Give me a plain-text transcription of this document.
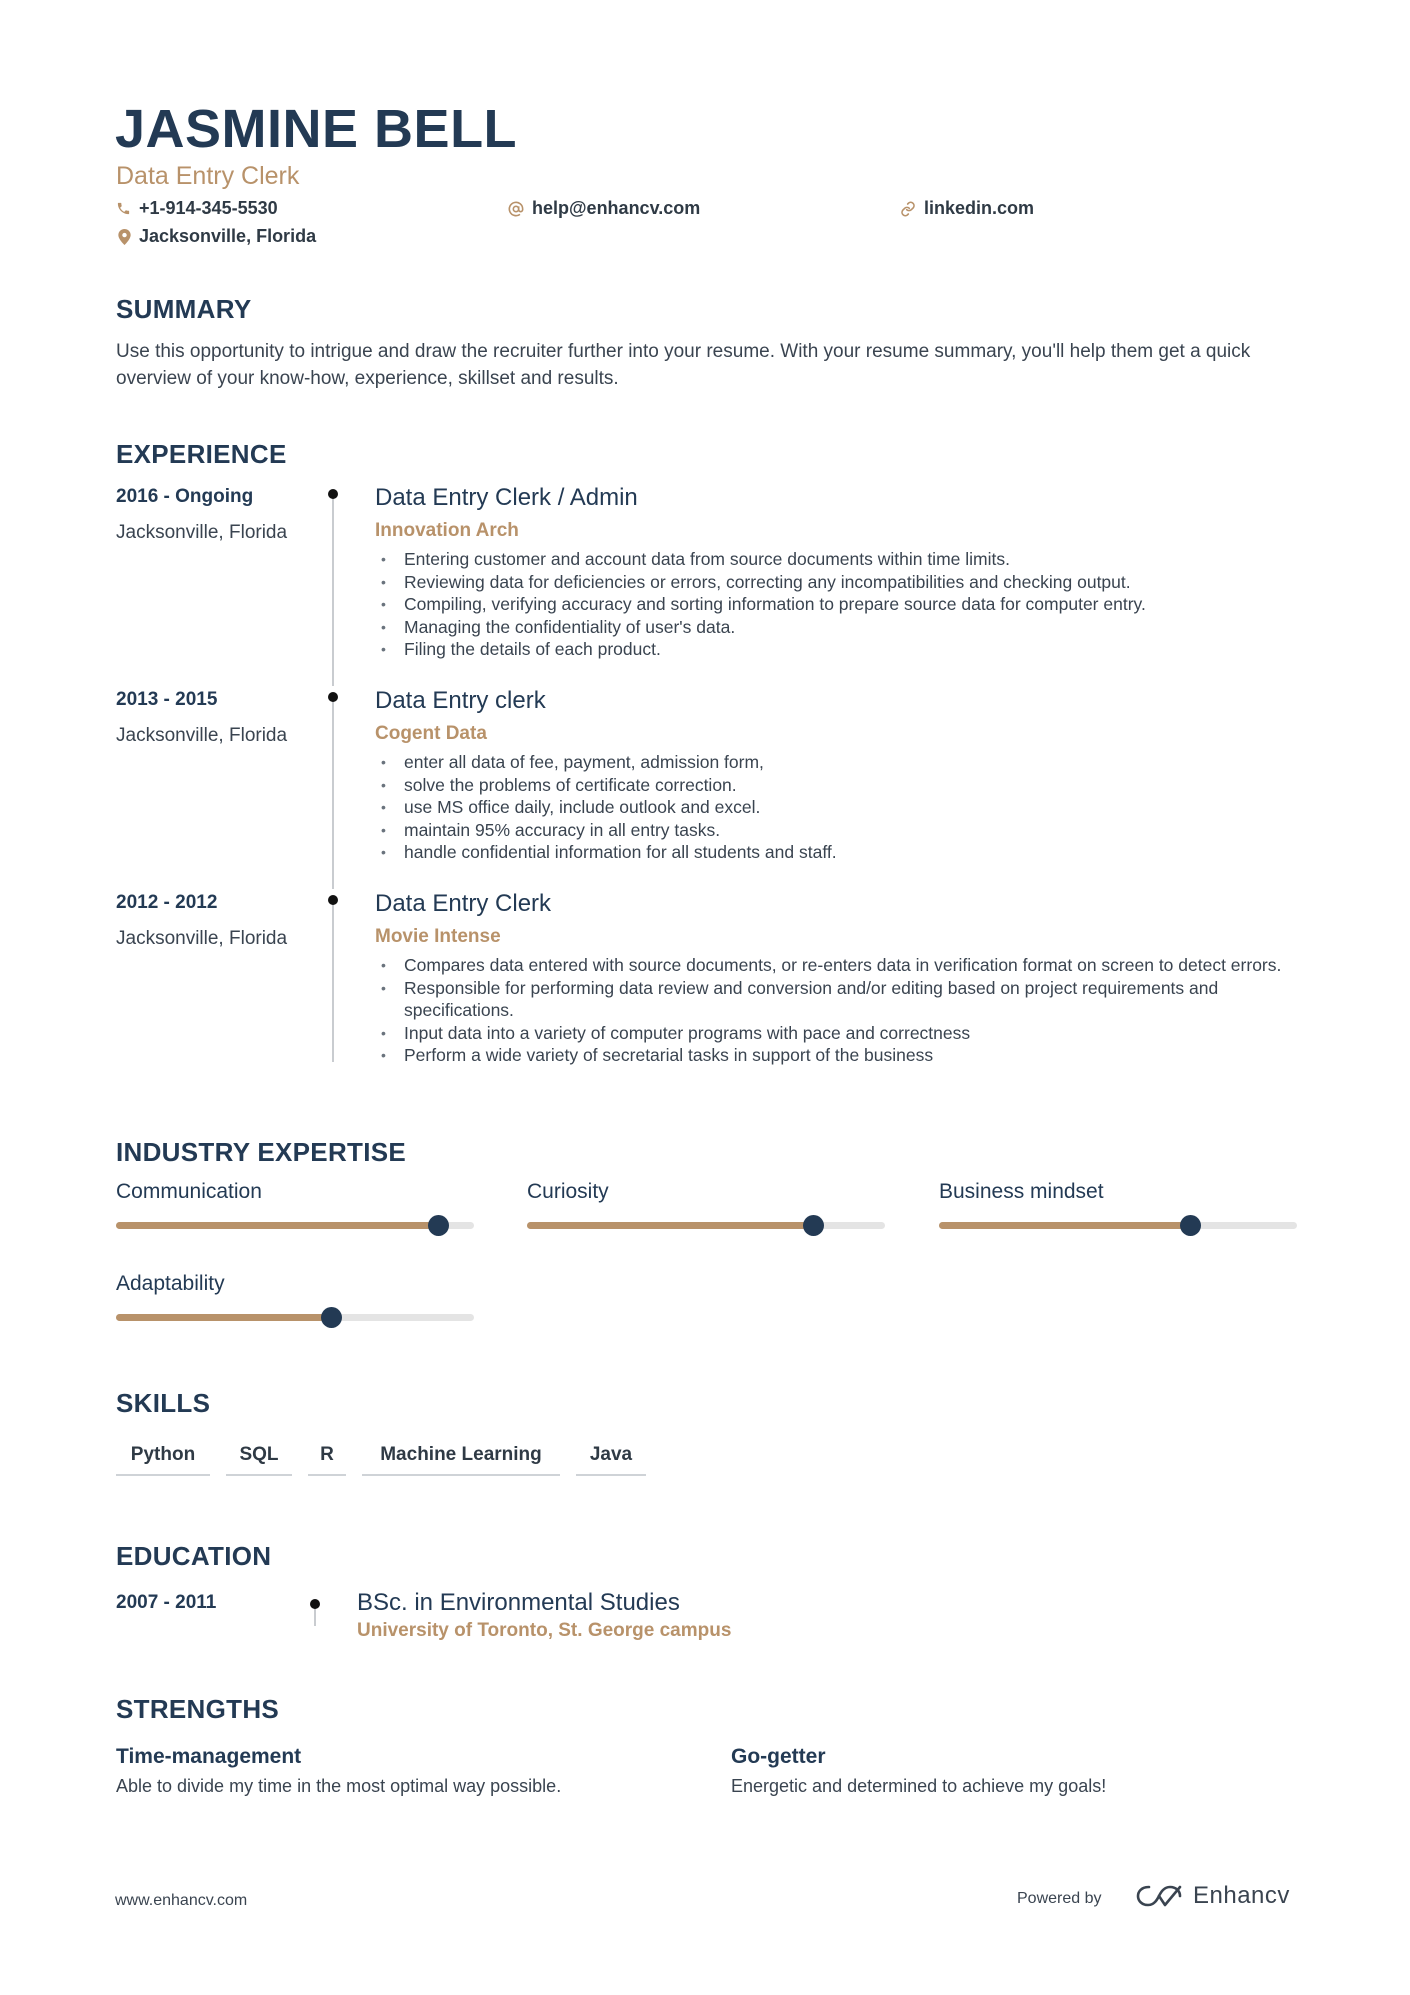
JASMINE BELL
Data Entry Clerk
+1-914-345-5530	help@enhancv.com	linkedin.com
Jacksonville, Florida
SUMMARY
Use this opportunity to intrigue and draw the recruiter further into your resume. With your resume summary, you'll help them get a quick overview of your know-how, experience, skillset and results.
EXPERIENCE
2016 - Ongoing
Jacksonville, Florida
Data Entry Clerk / Admin
Innovation Arch
• Entering customer and account data from source documents within time limits.
• Reviewing data for deficiencies or errors, correcting any incompatibilities and checking output.
• Compiling, verifying accuracy and sorting information to prepare source data for computer entry.
• Managing the confidentiality of user's data.
• Filing the details of each product.
2013 - 2015
Jacksonville, Florida
Data Entry clerk
Cogent Data
• enter all data of fee, payment, admission form,
• solve the problems of certificate correction.
• use MS office daily, include outlook and excel.
• maintain 95% accuracy in all entry tasks.
• handle confidential information for all students and staff.
2012 - 2012
Jacksonville, Florida
Data Entry Clerk
Movie Intense
• Compares data entered with source documents, or re-enters data in verification format on screen to detect errors.
• Responsible for performing data review and conversion and/or editing based on project requirements and specifications.
• Input data into a variety of computer programs with pace and correctness
• Perform a wide variety of secretarial tasks in support of the business
INDUSTRY EXPERTISE
Communication	Curiosity	Business mindset
Adaptability
SKILLS
Python	SQL	R	Machine Learning	Java
EDUCATION
2007 - 2011	BSc. in Environmental Studies
University of Toronto, St. George campus
STRENGTHS
Time-management
Able to divide my time in the most optimal way possible.
Go-getter
Energetic and determined to achieve my goals!
www.enhancv.com	Powered by	Enhancv
